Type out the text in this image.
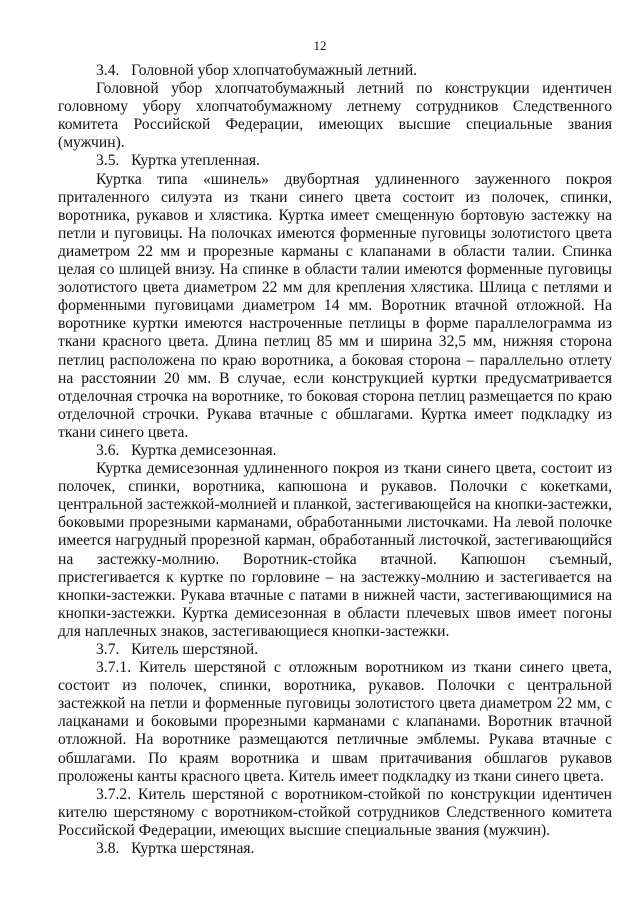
12

3.4.   Головной убор хлопчатобумажный летний.

Головной убор хлопчатобумажный летний по конструкции идентичен головному убору хлопчатобумажному летнему сотрудников Следственного комитета Российской Федерации, имеющих высшие специальные звания (мужчин).

3.5.   Куртка утепленная.

Куртка типа «шинель» двубортная удлиненного зауженного покроя приталенного силуэта из ткани синего цвета состоит из полочек, спинки, воротника, рукавов и хлястика. Куртка имеет смещенную бортовую застежку на петли и пуговицы. На полочках имеются форменные пуговицы золотистого цвета диаметром 22 мм и прорезные карманы с клапанами в области талии. Спинка целая со шлицей внизу. На спинке в области талии имеются форменные пуговицы золотистого цвета диаметром 22 мм для крепления хлястика. Шлица с петлями и форменными пуговицами диаметром 14 мм. Воротник втачной отложной. На воротнике куртки имеются настроченные петлицы в форме параллелограмма из ткани красного цвета. Длина петлиц 85 мм и ширина 32,5 мм, нижняя сторона петлиц расположена по краю воротника, а боковая сторона – параллельно отлету на расстоянии 20 мм. В случае, если конструкцией куртки предусматривается отделочная строчка на воротнике, то боковая сторона петлиц размещается по краю отделочной строчки. Рукава втачные с обшлагами. Куртка имеет подкладку из ткани синего цвета.

3.6.   Куртка демисезонная.

Куртка демисезонная удлиненного покроя из ткани синего цвета, состоит из полочек, спинки, воротника, капюшона и рукавов. Полочки с кокетками, центральной застежкой-молнией и планкой, застегивающейся на кнопки-застежки, боковыми прорезными карманами, обработанными листочками. На левой полочке имеется нагрудный прорезной карман, обработанный листочкой, застегивающийся на застежку-молнию. Воротник-стойка втачной. Капюшон съемный, пристегивается к куртке по горловине – на застежку-молнию и застегивается на кнопки-застежки. Рукава втачные с патами в нижней части, застегивающимися на кнопки-застежки. Куртка демисезонная в области плечевых швов имеет погоны для наплечных знаков, застегивающиеся кнопки-застежки.

3.7.   Китель шерстяной.

3.7.1. Китель шерстяной с отложным воротником из ткани синего цвета, состоит из полочек, спинки, воротника, рукавов. Полочки с центральной застежкой на петли и форменные пуговицы золотистого цвета диаметром 22 мм, с лацканами и боковыми прорезными карманами с клапанами. Воротник втачной отложной. На воротнике размещаются петличные эмблемы. Рукава втачные с обшлагами. По краям воротника и швам притачивания обшлагов рукавов проложены канты красного цвета. Китель имеет подкладку из ткани синего цвета.

3.7.2. Китель шерстяной с воротником-стойкой по конструкции идентичен кителю шерстяному с воротником-стойкой сотрудников Следственного комитета Российской Федерации, имеющих высшие специальные звания (мужчин).

3.8.   Куртка шерстяная.
